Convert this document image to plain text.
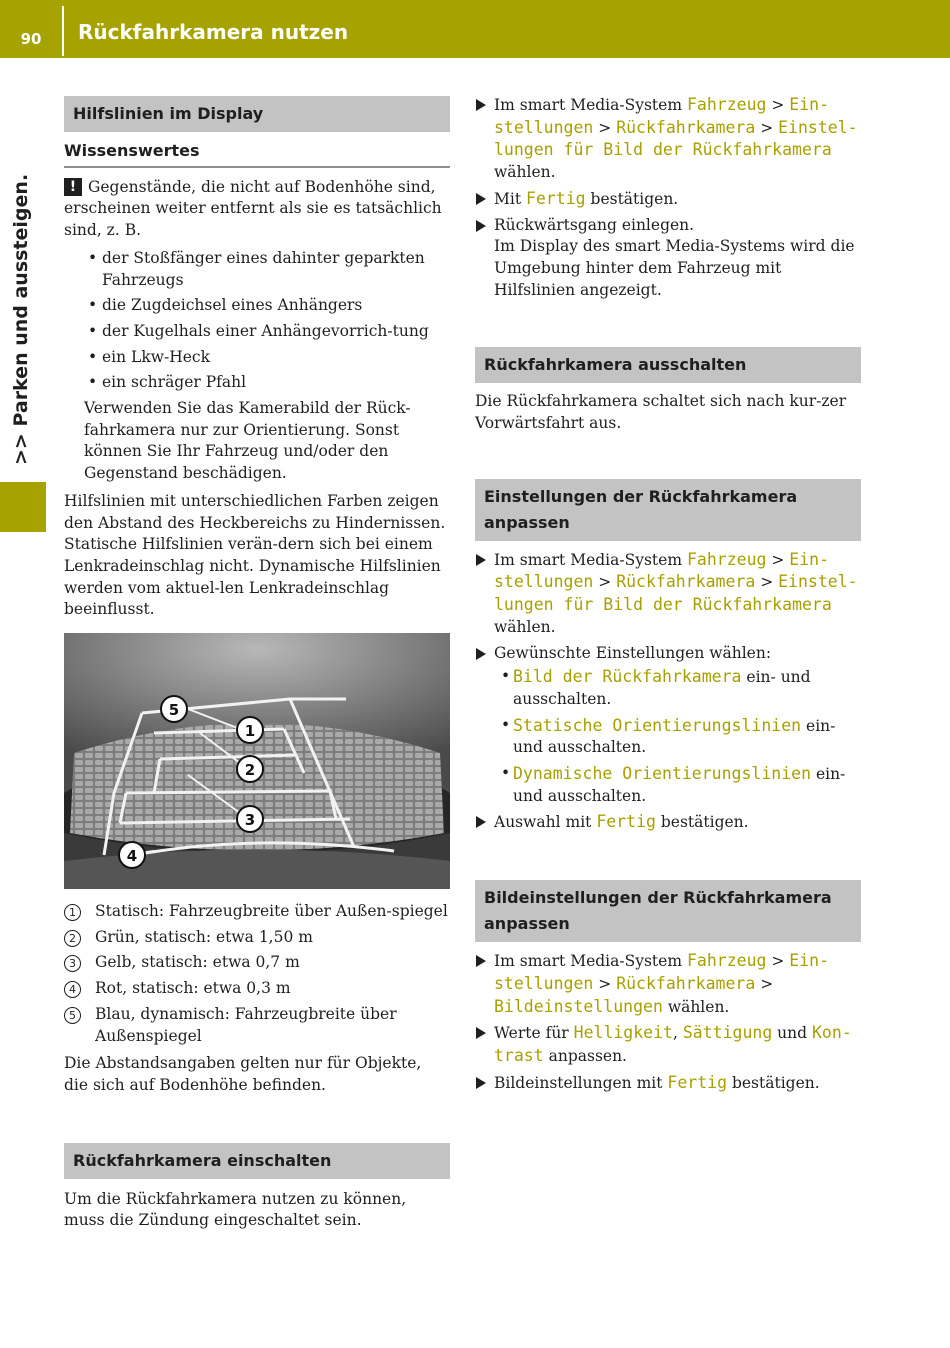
90	Rückfahrkamera nutzen
>> Parken und aussteigen.
Hilfslinien im Display
Wissenswertes

! Gegenstände, die nicht auf Bodenhöhe sind, erscheinen weiter entfernt als sie es tatsächlich sind, z. B.

• der Stoßfänger eines dahinter geparkten Fahrzeugs
• die Zugdeichsel eines Anhängers
• der Kugelhals einer Anhängevorrich-tung
• ein Lkw-Heck
• ein schräger Pfahl

Verwenden Sie das Kamerabild der Rück-fahrkamera nur zur Orientierung. Sonst können Sie Ihr Fahrzeug und/oder den Gegenstand beschädigen.

Hilfslinien mit unterschiedlichen Farben zeigen den Abstand des Heckbereichs zu Hindernissen. Statische Hilfslinien verän-dern sich bei einem Lenkradeinschlag nicht. Dynamische Hilfslinien werden vom aktuel-len Lenkradeinschlag beeinflusst.

1
2
3
4
5
1	Statisch: Fahrzeugbreite über Außen-spiegel
2	Grün, statisch: etwa 1,50 m
3	Gelb, statisch: etwa 0,7 m
4	Rot, statisch: etwa 0,3 m
5	Blau, dynamisch: Fahrzeugbreite über Außenspiegel

Die Abstandsangaben gelten nur für Objekte, die sich auf Bodenhöhe befinden.

Rückfahrkamera einschalten

Um die Rückfahrkamera nutzen zu können, muss die Zündung eingeschaltet sein.

Im smart Media-System Fahrzeug > Ein-stellungen > Rückfahrkamera > Einstel-lungen für Bild der Rückfahrkamera wählen.
Mit Fertig bestätigen.
Rückwärtsgang einlegen.
Im Display des smart Media-Systems wird die Umgebung hinter dem Fahrzeug mit Hilfslinien angezeigt.
Rückfahrkamera ausschalten

Die Rückfahrkamera schaltet sich nach kur-zer Vorwärtsfahrt aus.

Einstellungen der Rückfahrkamera anpassen
Im smart Media-System Fahrzeug > Ein-stellungen > Rückfahrkamera > Einstel-lungen für Bild der Rückfahrkamera wählen.
Gewünschte Einstellungen wählen:
• Bild der Rückfahrkamera ein- und ausschalten.
• Statische Orientierungslinien ein- und ausschalten.
• Dynamische Orientierungslinien ein- und ausschalten.
Auswahl mit Fertig bestätigen.
Bildeinstellungen der Rückfahrkamera anpassen
Im smart Media-System Fahrzeug > Ein-stellungen > Rückfahrkamera > Bildeinstellungen wählen.
Werte für Helligkeit, Sättigung und Kon-trast anpassen.
Bildeinstellungen mit Fertig bestätigen.
